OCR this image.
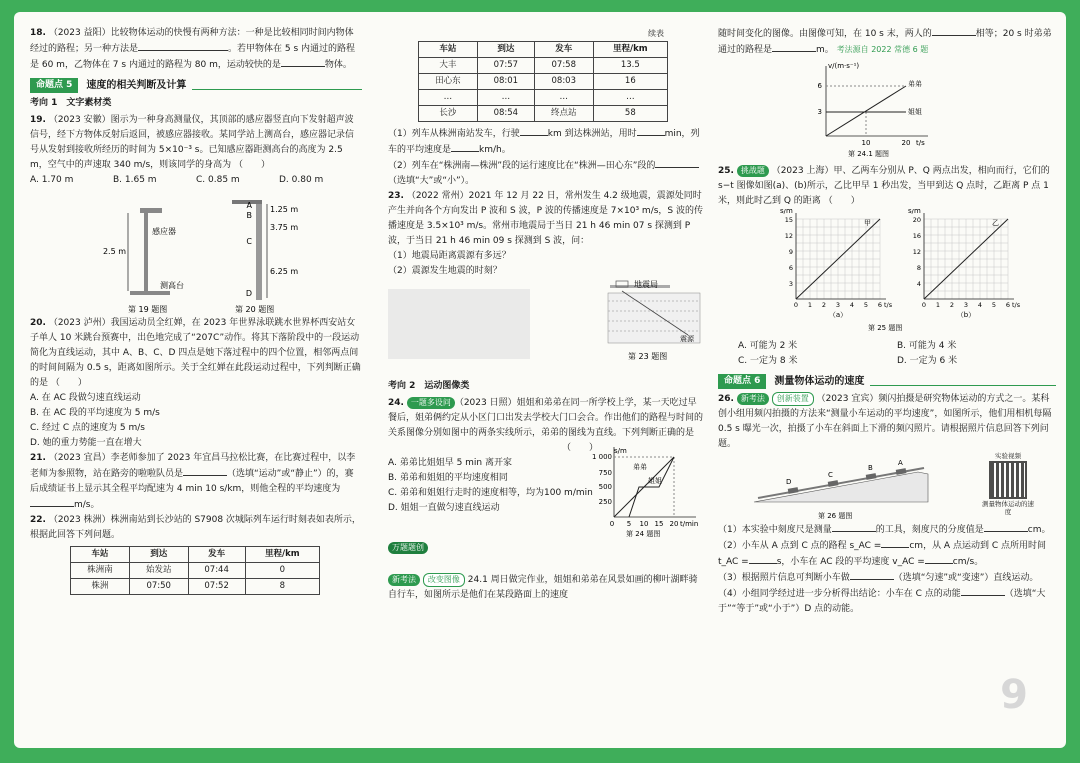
18. （2023 益阳）比较物体运动的快慢有两种方法：一种是比较相同时间内物体经过的路程；另一种方法是	。若甲物体在 5 s 内通过的路程是 60 m，乙物体在 7 s 内通过的路程为 80 m，运动较快的是	物体。

命题点 5	速度的相关判断及计算
考向 1　文字素材类

19. （2023 安徽）图示为一种身高测量仪，其顶部的感应器竖直向下发射超声波信号，经下方物体反射后返回，被感应器接收。某同学站上测高台，感应器记录信号从发射到接收所经历的时间为 5×10⁻³ s。已知感应器距测高台的高度为 2.5 m，空气中的声速取 340 m/s，则该同学的身高为 （　　）

A. 1.70 m	B. 1.65 m	C. 0.85 m	D. 0.80 m
2.5 m
感应器
测高台
第 19 题图
A
B
C
D
1.25 m
3.75 m
6.25 m
第 20 题图

20. （2023 泸州）我国运动员全红婵，在 2023 年世界泳联跳水世界杯西安站女子单人 10 米跳台预赛中，出色地完成了“207C”动作。将其下落阶段中的一段运动简化为直线运动，其中 A、B、C、D 四点是她下落过程中的四个位置，相邻两点间的时间间隔为 0.5 s，距离如图所示。关于全红婵在此段运动过程中，下列判断正确的是 （　　）

A. 在 AC 段做匀速直线运动
B. 在 AC 段的平均速度为 5 m/s
C. 经过 C 点的速度为 5 m/s
D. 她的重力势能一直在增大

21. （2023 宜昌）李老师参加了 2023 年宜昌马拉松比赛，在比赛过程中，以李老师为参照物，站在路旁的啦啦队员是	（选填“运动”或“静止”）的，赛后成绩证书上显示其全程平均配速为 4 min 10 s/km，则他全程的平均速度为m/s。

22. （2023 株洲）株洲南站到长沙站的 S7908 次城际列车运行时刻表如表所示，根据此回答下列问题。

车站	到达	发车	里程/km
株洲南	始发站	07:44	0
株洲	07:50	07:52	8
续表
车站	到达	发车	里程/km
大丰	07:57	07:58	13.5
田心东	08:01	08:03	16
…	…	…	…
长沙	08:54	终点站	58

（1）列车从株洲南站发车，行驶	km 到达株洲站，用时	min，列车的平均速度是	km/h。

（2）列车在“株洲南—株洲”段的运行速度比在“株洲—田心东”段的（选填“大”或“小”）。

23. （2022 常州）2021 年 12 月 22 日，常州发生 4.2 级地震，震源处同时产生并向各个方向发出 P 波和 S 波，P 波的传播速度是 7×10³ m/s，S 波的传播速度是 3.5×10³ m/s。常州市地震局于当日 21 h 46 min 07 s 探测到 P 波，于当日 21 h 46 min 09 s 探测到 S 波，问：

（1）地震局距离震源有多远？
（2）震源发生地震的时刻？
地震局
震源
第 23 题图
考向 2　运动图像类

24. 一题多设问 （2023 日照）姐姐和弟弟在同一所学校上学，某一天吃过早餐后，姐弟俩约定从小区门口出发去学校大门口会合。作出他们的路程与时间的关系图像分别如图中的两条实线所示，弟弟的图线为直线。下列判断正确的是

（　　）
A. 弟弟比姐姐早 5 min 离开家
B. 弟弟和姐姐的平均速度相同
C. 弟弟和姐姐行走时的速度相等，均为100 m/min
D. 姐姐一直做匀速直线运动
s/m
1 000
750
500
250
弟弟
姐姐
0 5 10 15 20 t/min
第 24 题图
万题题创

新考法 改变图像 24.1 周日做完作业，姐姐和弟弟在风景如画的柳叶湖畔骑自行车，如图所示是他们在某段路面上的速度

随时间变化的图像。由图像可知，在 10 s 末，两人的	相等；20 s 时弟弟通过的路程是	m。 考法源自 2022 常德 6 题

v/(m·s⁻¹)
6
3
弟弟
姐姐
10	20 t/s
第 24.1 题图

25. 挑战题 （2023 上海）甲、乙两车分别从 P、Q 两点出发，相向而行，它们的 s−t 图像如图(a)、(b)所示，乙比甲早 1 秒出发，当甲到达 Q 点时，乙距离 P 点 1 米，则此时乙到 Q 的距离 （　　）

甲
s/m
15
12
9
6
3
0 1 2 3 4 5 6 t/s
（a）
乙
s/m
20
16
12
8
4
0 1 2 3 4 5 6 t/s
（b）
第 25 题图
A. 可能为 2 米	B. 可能为 4 米
C. 一定为 8 米	D. 一定为 6 米
命题点 6	测量物体运动的速度

26. 新考法 创新装置 （2023 宜宾）频闪拍摄是研究物体运动的方式之一。某科创小组用频闪拍摄的方法来“测量小车运动的平均速度”，如图所示，他们用相机每隔 0.5 s 曝光一次，拍摄了小车在斜面上下滑的频闪照片。请根据照片信息回答下列问题。

D
C
B
A
第 26 题图
实验视频
测量物体运动的速度

（1）本实验中刻度尺是测量	的工具，刻度尺的分度值是	cm。

（2）小车从 A 点到 C 点的路程 s_AC =	cm，从 A 点运动到 C 点所用时间 t_AC =	s，小车在 AC 段的平均速度 v_AC =	cm/s。

（3）根据照片信息可判断小车做	（选填“匀速”或“变速”）直线运动。

（4）小组同学经过进一步分析得出结论：小车在 C 点的动能	（选填“大于”“等于”或“小于”）D 点的动能。

9
